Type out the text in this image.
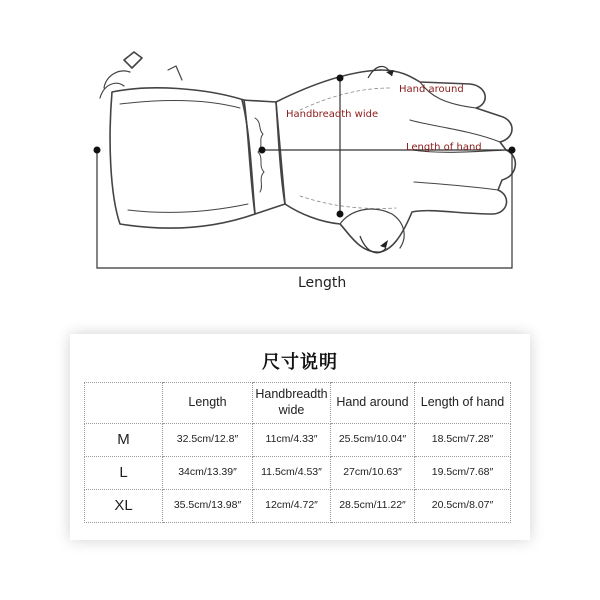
Hand around
Handbreadth wide
Length of hand
Length
尺寸说明
	Length	Handbreadth wide	Hand around	Length of hand
M	32.5cm/12.8″	11cm/4.33″	25.5cm/10.04″	18.5cm/7.28″
L	34cm/13.39″	11.5cm/4.53″	27cm/10.63″	19.5cm/7.68″
XL	35.5cm/13.98″	12cm/4.72″	28.5cm/11.22″	20.5cm/8.07″
